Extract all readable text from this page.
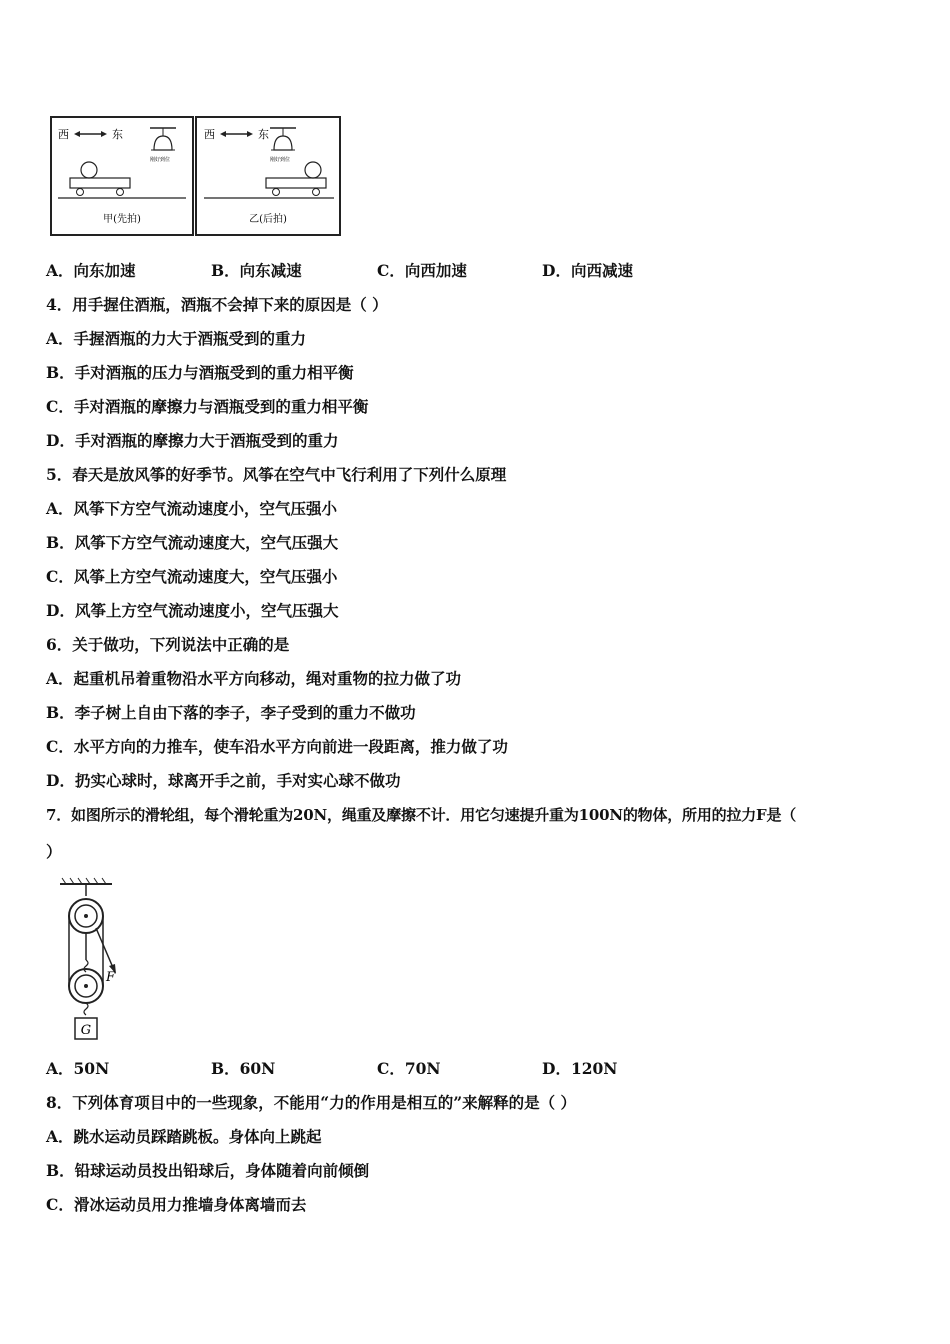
西	东
刚好到位
甲(先拍)
西	东
刚好到位
乙(后拍)
A．向东加速	B．向东减速	C．向西加速	D．向西减速
4．用手握住酒瓶，酒瓶不会掉下来的原因是（ ）
A．手握酒瓶的力大于酒瓶受到的重力
B．手对酒瓶的压力与酒瓶受到的重力相平衡
C．手对酒瓶的摩擦力与酒瓶受到的重力相平衡
D．手对酒瓶的摩擦力大于酒瓶受到的重力
5．春天是放风筝的好季节。风筝在空气中飞行利用了下列什么原理
A．风筝下方空气流动速度小，空气压强小
B．风筝下方空气流动速度大，空气压强大
C．风筝上方空气流动速度大，空气压强小
D．风筝上方空气流动速度小，空气压强大
6．关于做功，下列说法中正确的是
A．起重机吊着重物沿水平方向移动，绳对重物的拉力做了功
B．李子树上自由下落的李子，李子受到的重力不做功
C．水平方向的力推车，使车沿水平方向前进一段距离，推力做了功
D．扔实心球时，球离开手之前，手对实心球不做功
7．如图所示的滑轮组，每个滑轮重为20N，绳重及摩擦不计．用它匀速提升重为100N的物体，所用的拉力F是（
）
F
G
A．50N	B．60N	C．70N	D．120N
8．下列体育项目中的一些现象，不能用“力的作用是相互的”来解释的是（ ）
A．跳水运动员踩踏跳板。身体向上跳起
B．铅球运动员投出铅球后，身体随着向前倾倒
C．滑冰运动员用力推墙身体离墙而去
